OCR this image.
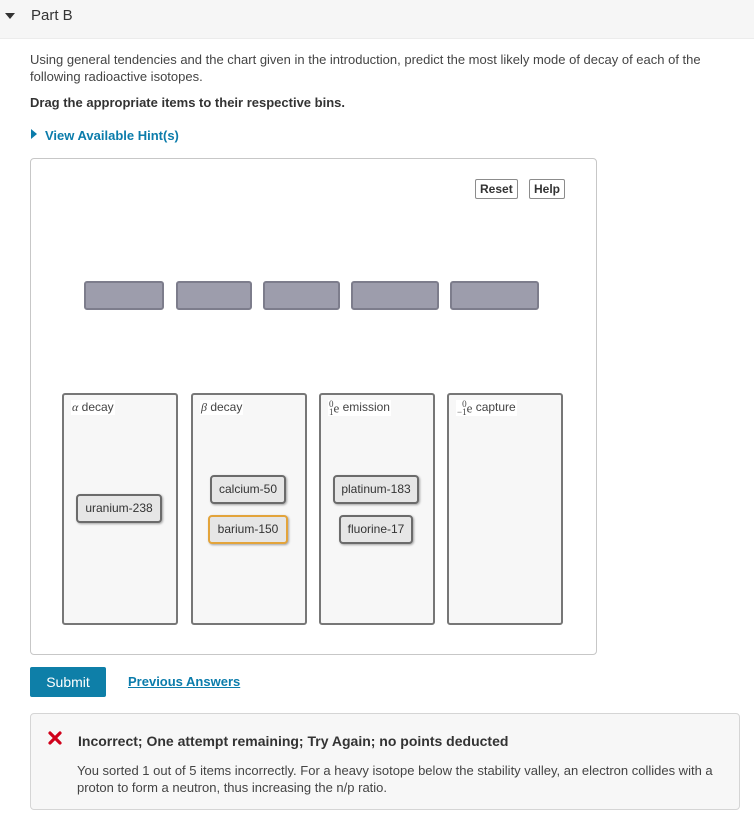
Part B
Using general tendencies and the chart given in the introduction, predict the most likely mode of decay of each of the following radioactive isotopes.
Drag the appropriate items to their respective bins.
View Available Hint(s)
Reset	Help
α decay	β decay	0
1e emission	0
−1e capture
uranium-238
calcium-50
barium-150
platinum-183
fluorine-17
Submit	Previous Answers
Incorrect; One attempt remaining; Try Again; no points deducted
You sorted 1 out of 5 items incorrectly. For a heavy isotope below the stability valley, an electron collides with a proton to form a neutron, thus increasing the n/p ratio.
